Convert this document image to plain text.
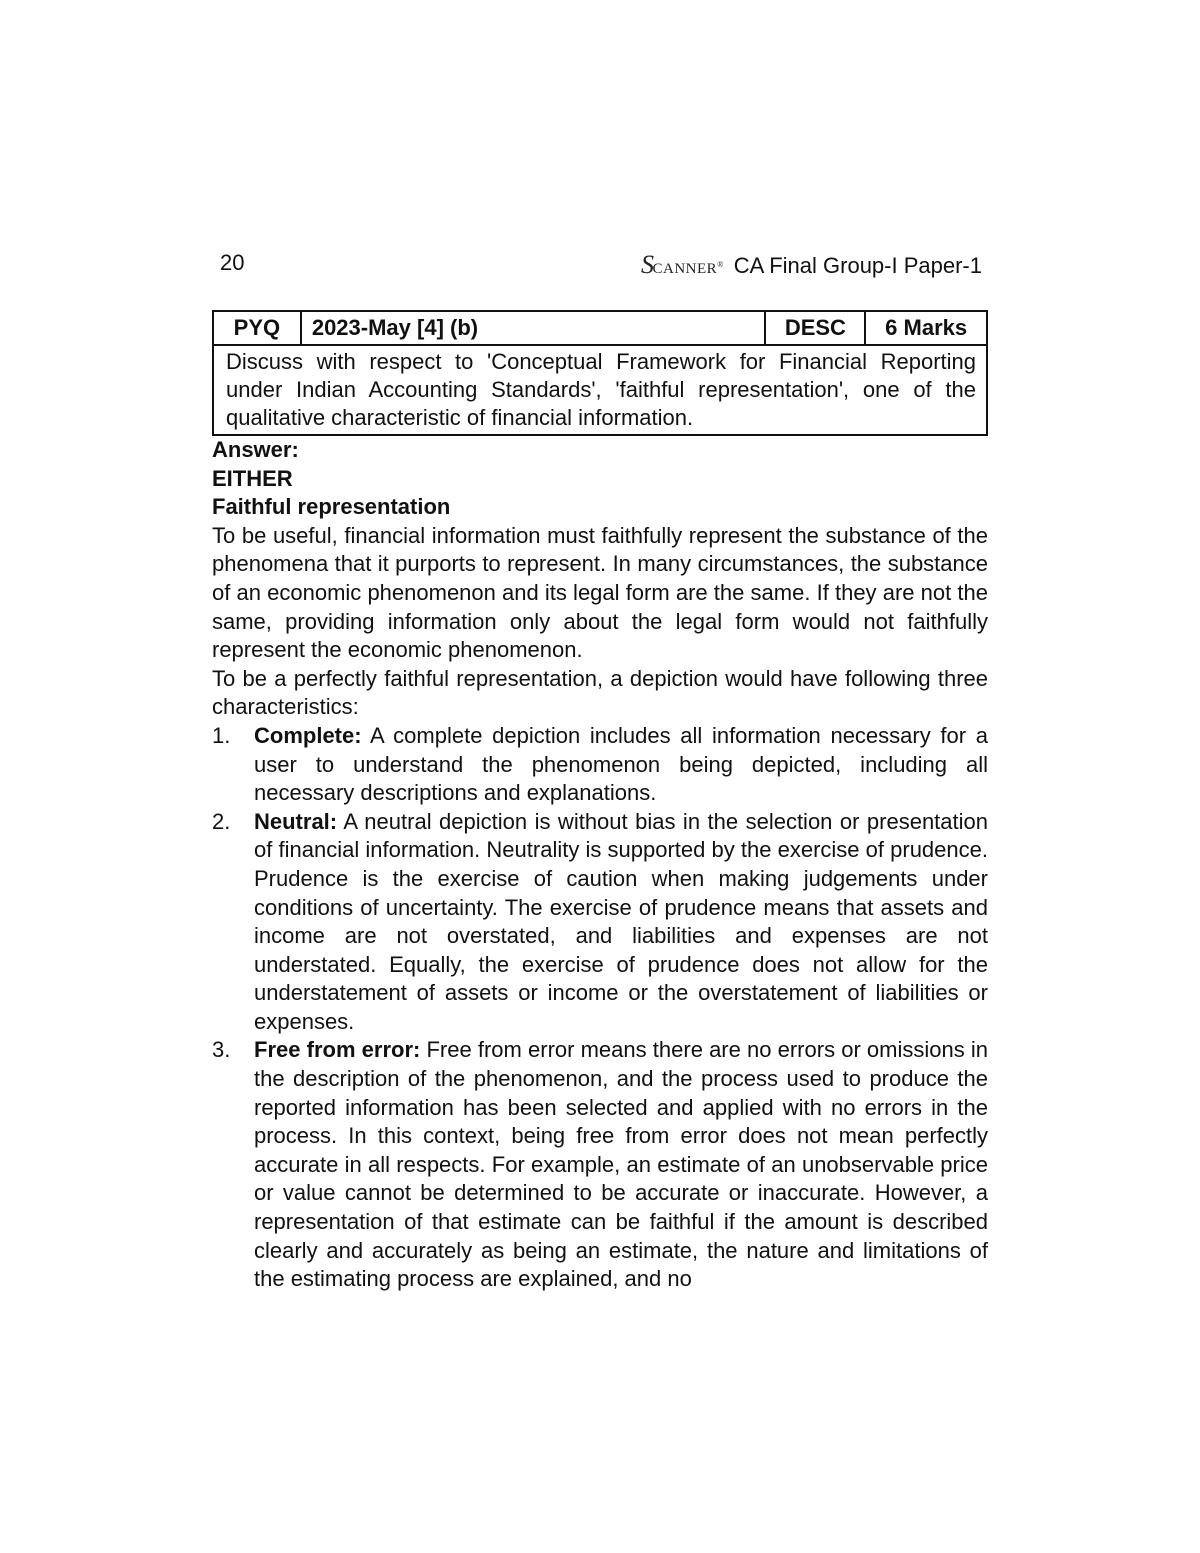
20	SCANNER® CA Final Group-I Paper-1
PYQ	2023-May [4] (b)	DESC	6 Marks
Discuss with respect to 'Conceptual Framework for Financial Reporting under Indian Accounting Standards', 'faithful representation', one of the qualitative characteristic of financial information.

Answer:

EITHER

Faithful representation

To be useful, financial information must faithfully represent the substance of the phenomena that it purports to represent. In many circumstances, the substance of an economic phenomenon and its legal form are the same. If they are not the same, providing information only about the legal form would not faithfully represent the economic phenomenon.

To be a perfectly faithful representation, a depiction would have following three characteristics:

1.	Complete: A complete depiction includes all information necessary for a user to understand the phenomenon being depicted, including all necessary descriptions and explanations.
2.	Neutral: A neutral depiction is without bias in the selection or presentation of financial information. Neutrality is supported by the exercise of prudence. Prudence is the exercise of caution when making judgements under conditions of uncertainty. The exercise of prudence means that assets and income are not overstated, and liabilities and expenses are not understated. Equally, the exercise of prudence does not allow for the understatement of assets or income or the overstatement of liabilities or expenses.
3.	Free from error: Free from error means there are no errors or omissions in the description of the phenomenon, and the process used to produce the reported information has been selected and applied with no errors in the process. In this context, being free from error does not mean perfectly accurate in all respects. For example, an estimate of an unobservable price or value cannot be determined to be accurate or inaccurate. However, a representation of that estimate can be faithful if the amount is described clearly and accurately as being an estimate, the nature and limitations of the estimating process are explained, and no
